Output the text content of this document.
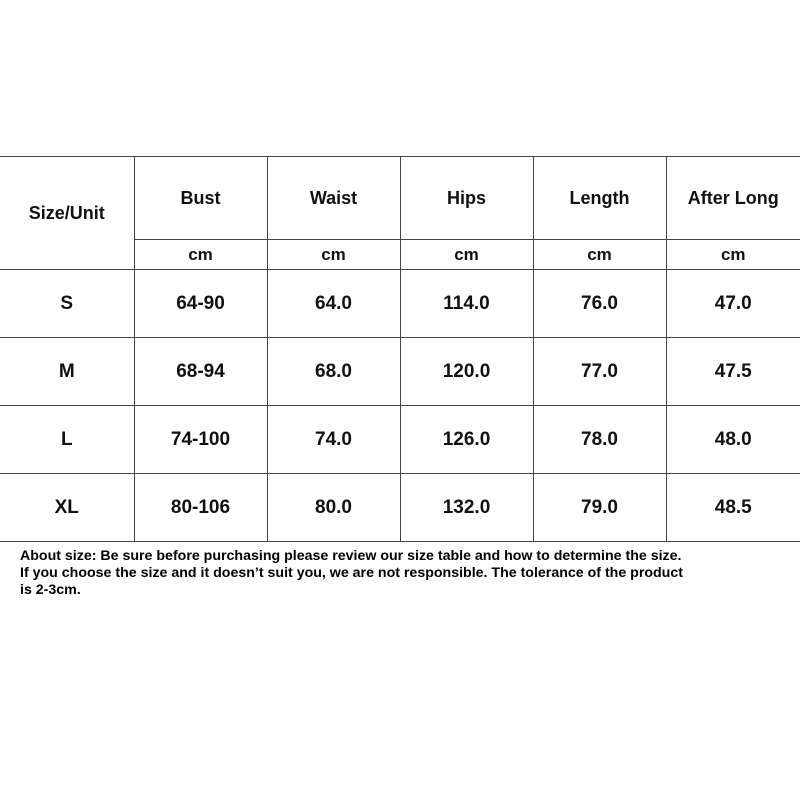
Size/Unit	Bust	Waist	Hips	Length	After Long
	cm	cm	cm	cm	cm
S	64-90	64.0	114.0	76.0	47.0
M	68-94	68.0	120.0	77.0	47.5
L	74-100	74.0	126.0	78.0	48.0
XL	80-106	80.0	132.0	79.0	48.5

About size: Be sure before purchasing please review our size table and how to determine the size.

If you choose the size and it doesn’t suit you, we are not responsible. The tolerance of the product

is 2-3cm.
